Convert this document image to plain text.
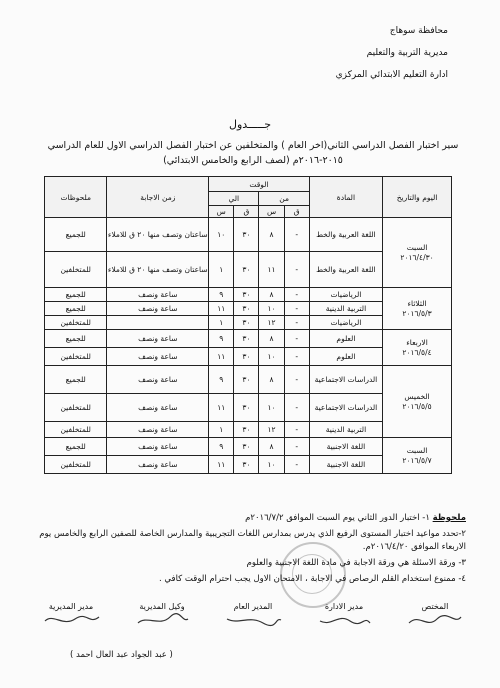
محافظة سوهاج
مديرية التربية والتعليم
ادارة التعليم الابتدائي المركزي
جـــــدول
سير اختبار الفصل الدراسي الثاني(اخر العام ) والمتخلفين عن اختبار الفصل الدراسي الاول للعام الدراسي ٢٠١٥-٢٠١٦م (لصف الرابع والخامس الابتدائي)
اليوم والتاريخ	المادة	الوقت				زمن الاجابة	ملحوظات
		من		الي			
		ق	س	ق	س		

السبت
٢٠١٦/٤/٣٠	اللغة العربية والخط	-	٨	٣٠	١٠	ساعتان وتصف منها ٢٠ ق للاملاء	للجميع
	اللغة العربية والخط	-	١١	٣٠	١	ساعتان وتصف منها ٢٠ ق للاملاء	للمتخلفين

الثلاثاء
٢٠١٦/٥/٣	الرياضيات	-	٨	٣٠	٩	ساعة ونصف	للجميع
	التربية الدينية	-	١٠	٣٠	١١	ساعة ونصف	للجميع
	الرياضيات	-	١٢	٣٠	١		للمتخلفين

الاربعاء
٢٠١٦/٥/٤	العلوم	-	٨	٣٠	٩	ساعة ونصف	للجميع
	العلوم	-	١٠	٣٠	١١	ساعة ونصف	للمتخلفين

الخميس
٢٠١٦/٥/٥	الدراسات الاجتماعية	-	٨	٣٠	٩	ساعة ونصف	للجميع
	الدراسات الاجتماعية	-	١٠	٣٠	١١	ساعة ونصف	للمتخلفين
	التربية الدينية	-	١٢	٣٠	١	ساعة ونصف	للمتخلفين

السبت
٢٠١٦/٥/٧	اللغة الاجنبية	-	٨	٣٠	٩	ساعة ونصف	للجميع
	اللغة الاجنبية	-	١٠	٣٠	١١	ساعة ونصف	للمتخلفين
ملحوظة ١- اختبار الدور الثاني يوم السبت الموافق ٢٠١٦/٧/٢م
٢-تحدد مواعيد اختبار المستوى الرفيع الذي يدرس بمدارس اللغات التجريبية والمدارس الخاصة للصفين الرابع والخامس يوم الاربعاء الموافق ٢٠١٦/٤/٢٠م.
٣- ورقة الاسئلة هي ورقة الاجابة في مادة اللغة الاجنبية والعلوم
٤- ممنوع استخدام القلم الرصاص في الاجابة ، الامتحان الاول يجب احترام الوقت كافي .
المختص
مدير الادارة
المدير العام
وكيل المديرية
مدير المديرية
( عبد الجواد عبد العال احمد )
